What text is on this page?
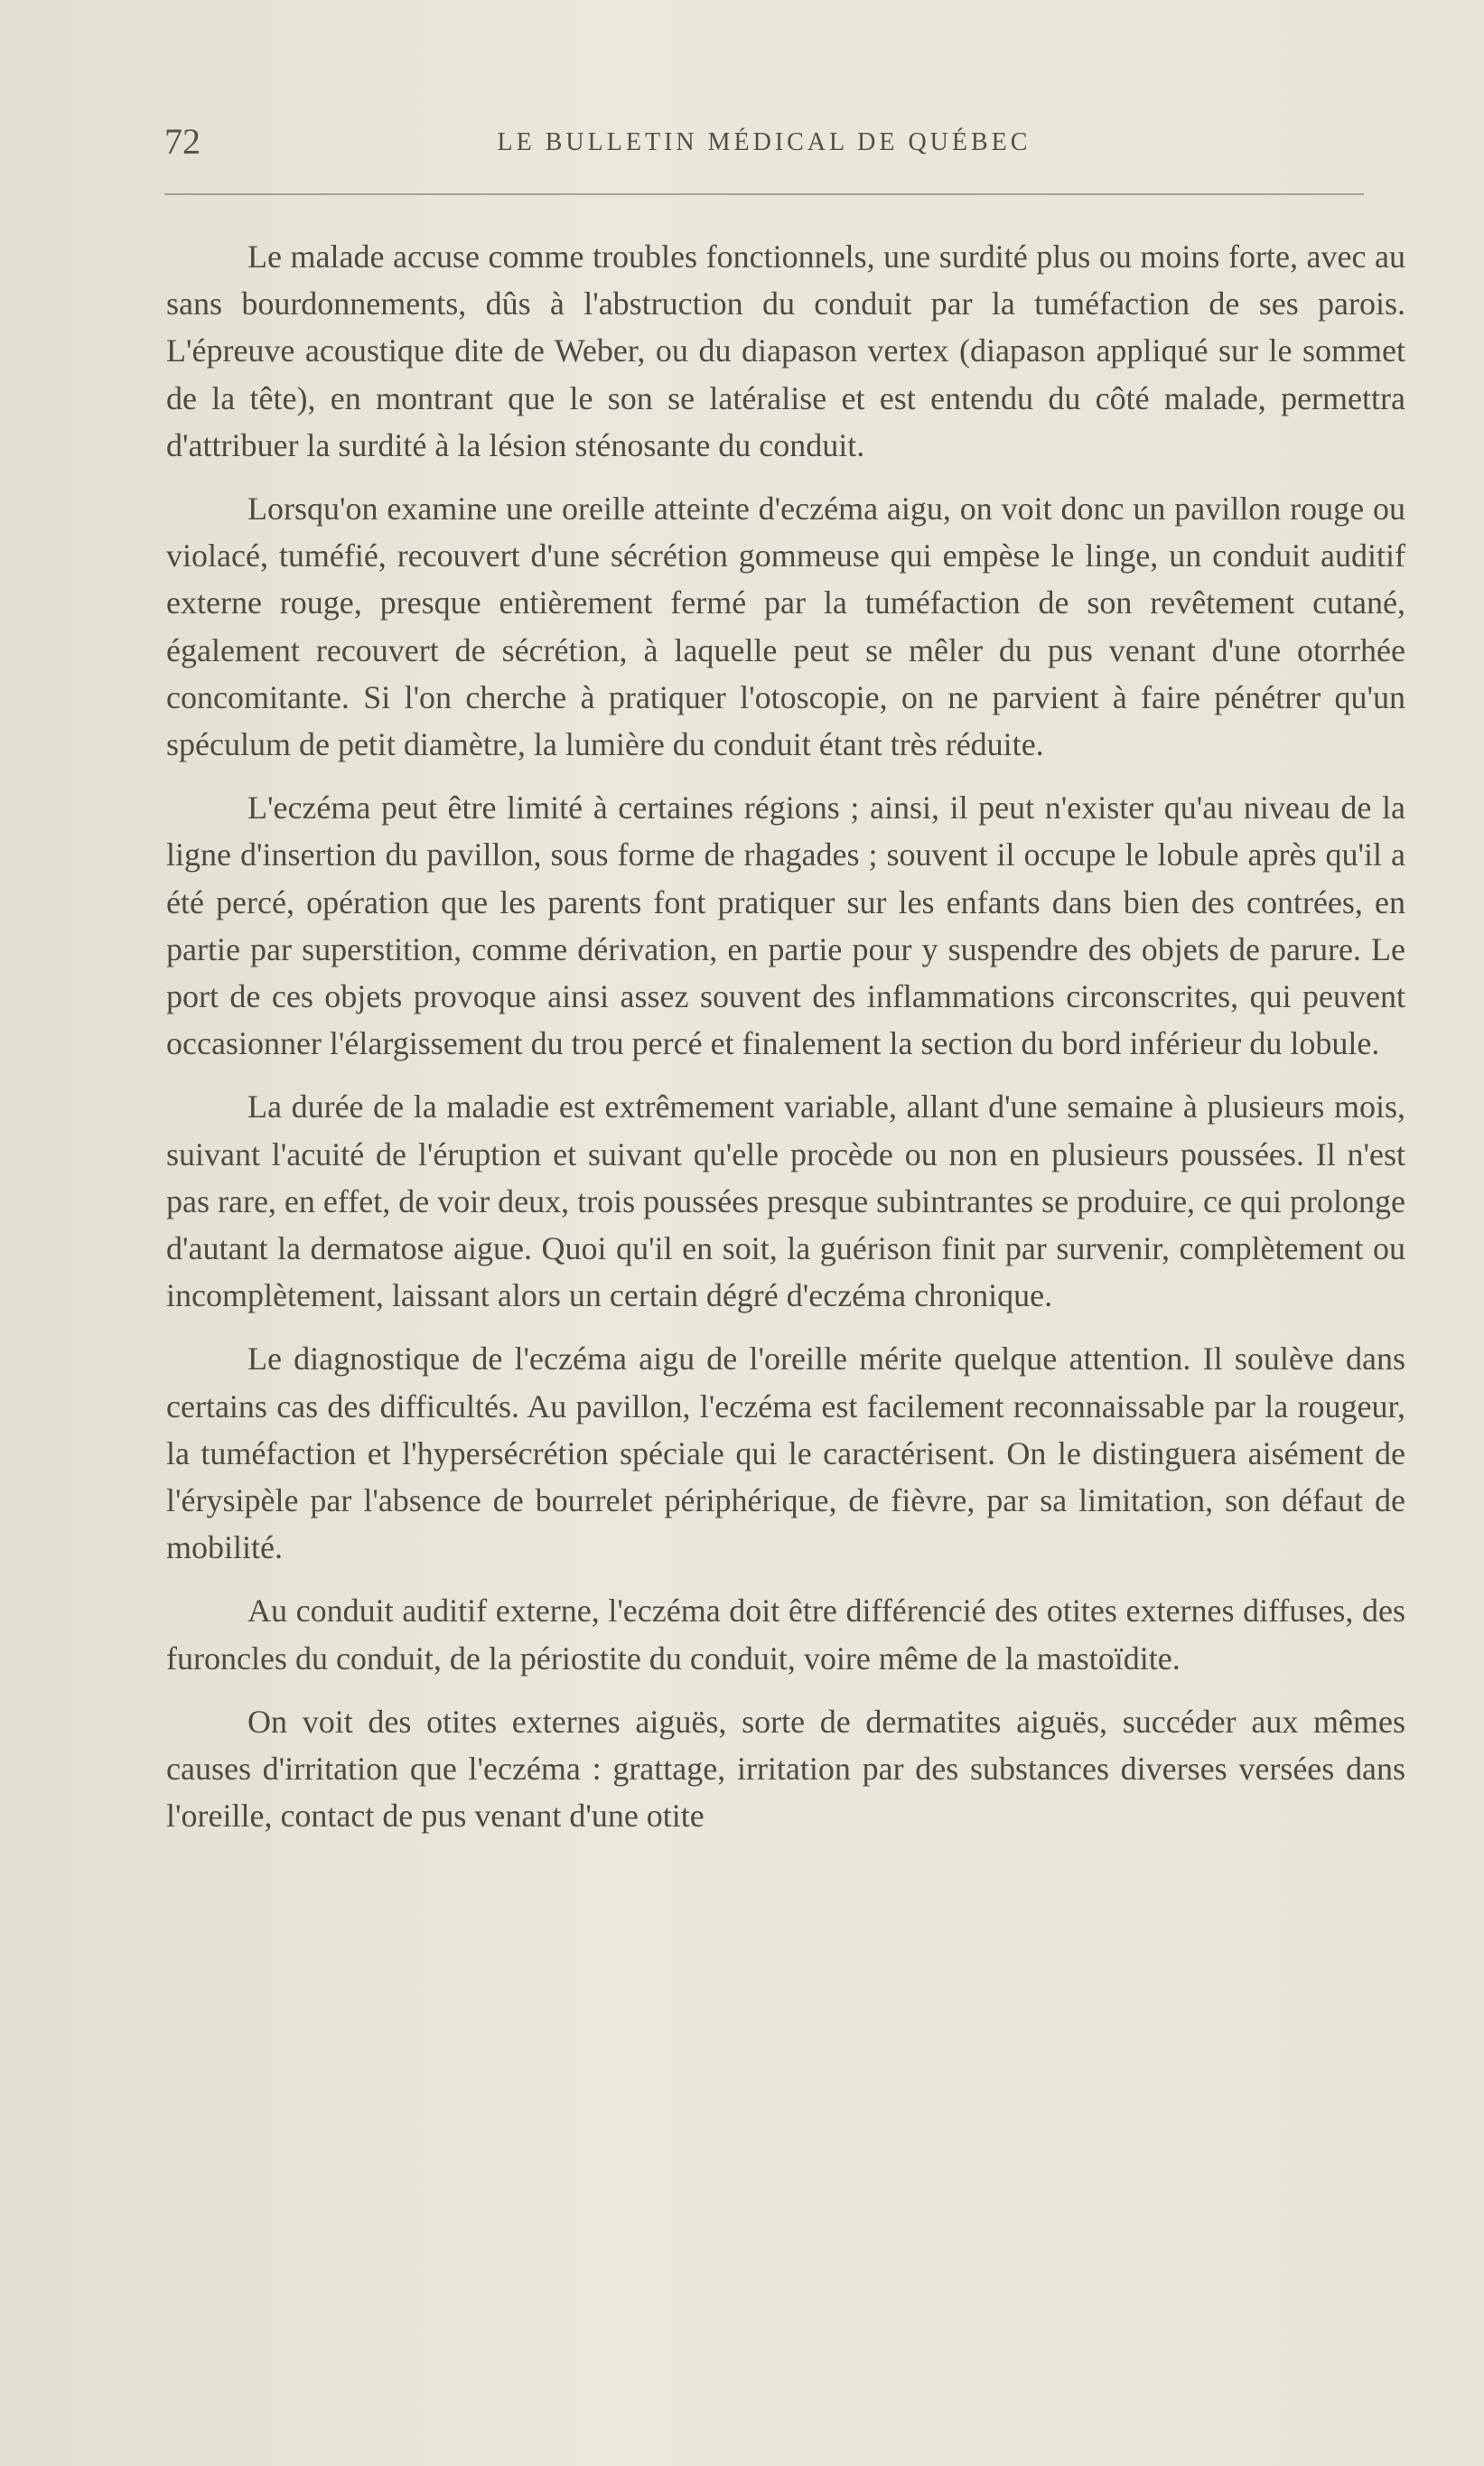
72	LE BULLETIN MÉDICAL DE QUÉBEC

Le malade accuse comme troubles fonctionnels, une surdité plus ou moins forte, avec au sans bourdonnements, dûs à l'abstruction du conduit par la tuméfaction de ses parois. L'épreuve acoustique dite de Weber, ou du diapason vertex (diapason appliqué sur le sommet de la tête), en montrant que le son se latéralise et est entendu du côté malade, permettra d'attribuer la surdité à la lésion sténosante du conduit.

Lorsqu'on examine une oreille atteinte d'eczéma aigu, on voit donc un pavillon rouge ou violacé, tuméfié, recouvert d'une sécrétion gommeuse qui empèse le linge, un conduit auditif externe rouge, presque entièrement fermé par la tuméfaction de son revêtement cutané, également recouvert de sécrétion, à laquelle peut se mêler du pus venant d'une otorrhée concomitante. Si l'on cherche à pratiquer l'otoscopie, on ne parvient à faire pénétrer qu'un spéculum de petit diamètre, la lumière du conduit étant très réduite.

L'eczéma peut être limité à certaines régions ; ainsi, il peut n'exister qu'au niveau de la ligne d'insertion du pavillon, sous forme de rhagades ; souvent il occupe le lobule après qu'il a été percé, opération que les parents font pratiquer sur les enfants dans bien des contrées, en partie par superstition, comme dérivation, en partie pour y suspendre des objets de parure. Le port de ces objets provoque ainsi assez souvent des inflammations circonscrites, qui peuvent occasionner l'élargissement du trou percé et finalement la section du bord inférieur du lobule.

La durée de la maladie est extrêmement variable, allant d'une semaine à plusieurs mois, suivant l'acuité de l'éruption et suivant qu'elle procède ou non en plusieurs poussées. Il n'est pas rare, en effet, de voir deux, trois poussées presque subintrantes se produire, ce qui prolonge d'autant la dermatose aigue. Quoi qu'il en soit, la guérison finit par survenir, complètement ou incomplètement, laissant alors un certain dégré d'eczéma chronique.

Le diagnostique de l'eczéma aigu de l'oreille mérite quelque attention. Il soulève dans certains cas des difficultés. Au pavillon, l'eczéma est facilement reconnaissable par la rougeur, la tuméfaction et l'hypersécrétion spéciale qui le caractérisent. On le distinguera aisément de l'érysipèle par l'absence de bourrelet périphérique, de fièvre, par sa limitation, son défaut de mobilité.

Au conduit auditif externe, l'eczéma doit être différencié des otites externes diffuses, des furoncles du conduit, de la périostite du conduit, voire même de la mastoïdite.

On voit des otites externes aiguës, sorte de dermatites aiguës, succéder aux mêmes causes d'irritation que l'eczéma : grattage, irritation par des substances diverses versées dans l'oreille, contact de pus venant d'une otite
